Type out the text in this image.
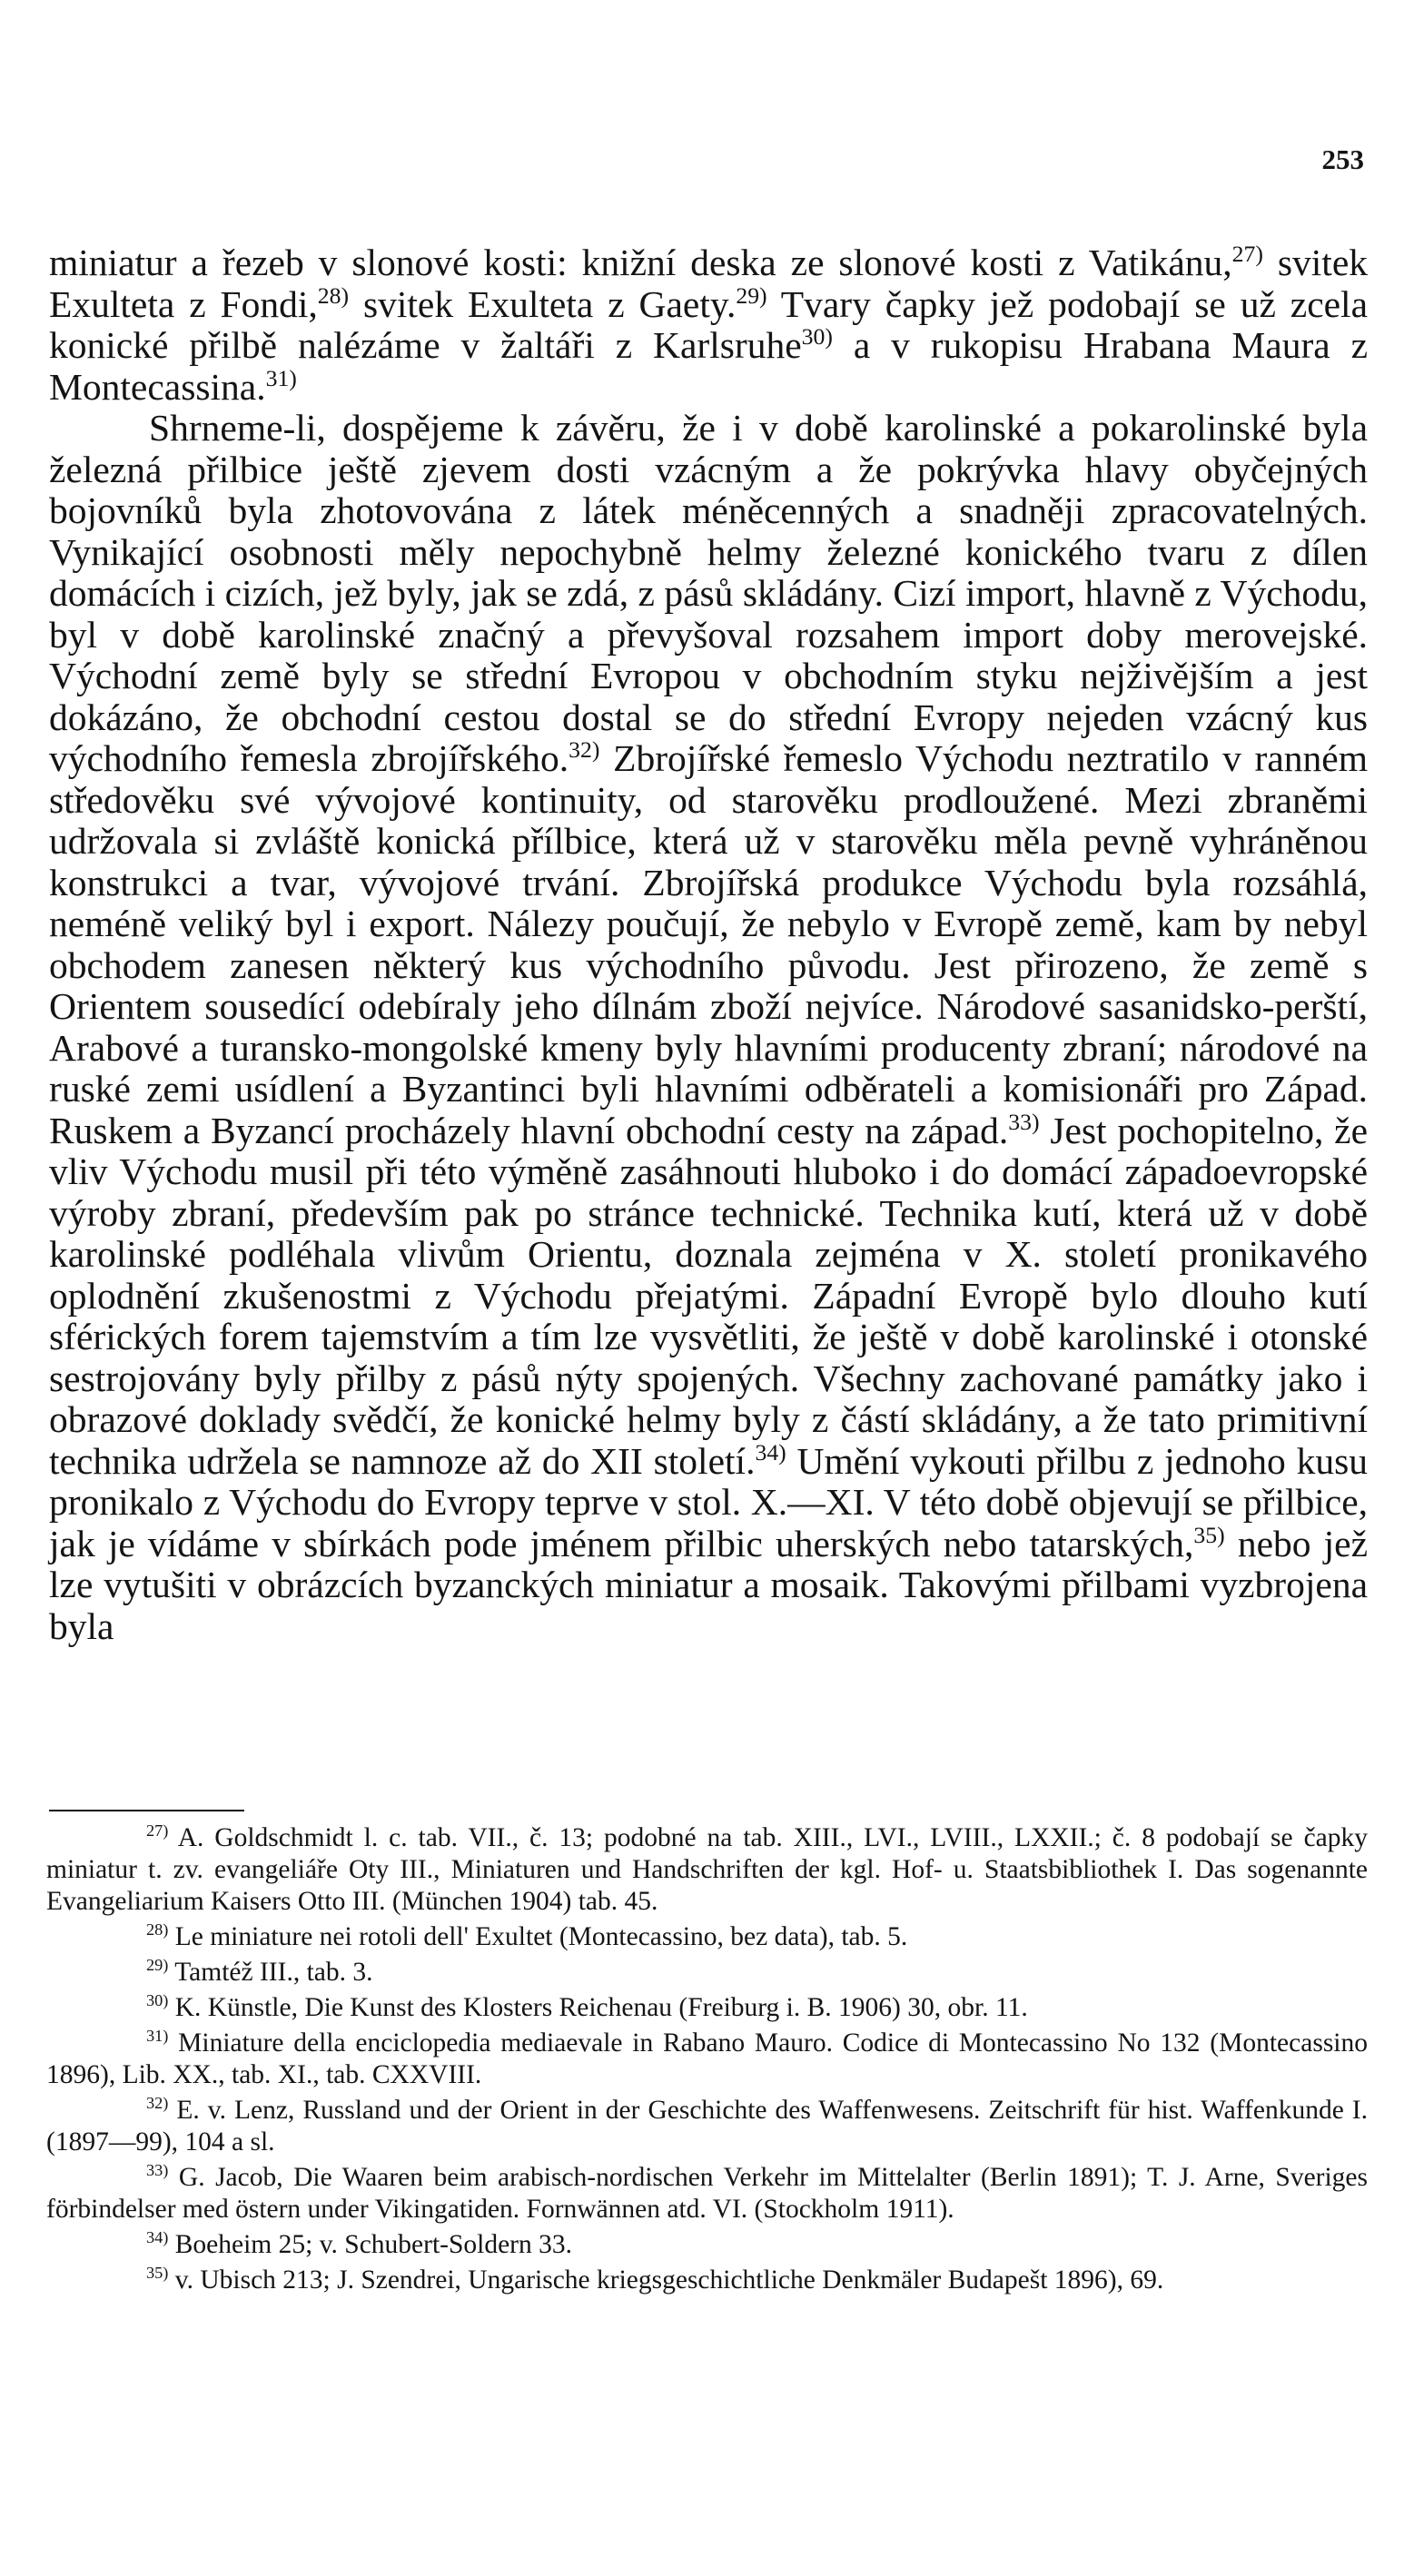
253

miniatur a řezeb v slonové kosti: knižní deska ze slonové kosti z Vatikánu,$^{27)}$ svitek Exulteta z Fondi,$^{28)}$ svitek Exulteta z Gaety.$^{29)}$ Tvary čapky jež podobají se už zcela konické přilbě nalézáme v žaltáři z Karlsruhe$^{30)}$ a v rukopisu Hrabana Maura z Montecassina.$^{31)}$

Shrneme-li, dospějeme k závěru, že i v době karolinské a pokarolinské byla železná přilbice ještě zjevem dosti vzácným a že pokrývka hlavy obyčejných bojovníků byla zhotovována z látek méněcenných a snadněji zpracovatelných. Vynikající osobnosti měly nepochybně helmy železné konického tvaru z dílen domácích i cizích, jež byly, jak se zdá, z pásů skládány. Cizí import, hlavně z Východu, byl v době karolinské značný a převyšoval rozsahem import doby merovejské. Východní země byly se střední Evropou v obchodním styku nejživějším a jest dokázáno, že obchodní cestou dostal se do střední Evropy nejeden vzácný kus východního řemesla zbrojířského.$^{32)}$ Zbrojířské řemeslo Východu neztratilo v ranném středověku své vývojové kontinuity, od starověku prodloužené. Mezi zbraněmi udržovala si zvláště konická přílbice, která už v starověku měla pevně vyhráněnou konstrukci a tvar, vývojové trvání. Zbrojířská produkce Východu byla rozsáhlá, neméně veliký byl i export. Nálezy poučují, že nebylo v Evropě země, kam by nebyl obchodem zanesen některý kus východního původu. Jest přirozeno, že země s Orientem sousedící odebíraly jeho dílnám zboží nejvíce. Národové sasanidsko-perští, Arabové a turansko-mongolské kmeny byly hlavními producenty zbraní; národové na ruské zemi usídlení a Byzantinci byli hlavními odběrateli a komisionáři pro Západ. Ruskem a Byzancí procházely hlavní obchodní cesty na západ.$^{33)}$ Jest pochopitelno, že vliv Východu musil při této výměně zasáhnouti hluboko i do domácí západoevropské výroby zbraní, především pak po stránce technické. Technika kutí, která už v době karolinské podléhala vlivům Orientu, doznala zejména v X. století pronikavého oplodnění zkušenostmi z Východu přejatými. Západní Evropě bylo dlouho kutí sférických forem tajemstvím a tím lze vysvětliti, že ještě v době karolinské i otonské sestrojovány byly přilby z pásů nýty spojených. Všechny zachované památky jako i obrazové doklady svědčí, že konické helmy byly z částí skládány, a že tato primitivní technika udržela se namnoze až do XII století.$^{34)}$ Umění vykouti přilbu z jednoho kusu pronikalo z Východu do Evropy teprve v stol. X.—XI. V této době objevují se přilbice, jak je vídáme v sbírkách pode jménem přilbic uherských nebo tatarských,$^{35)}$ nebo jež lze vytušiti v obrázcích byzanckých miniatur a mosaik. Takovými přilbami vyzbrojena byla

$^{27)}$ A. Goldschmidt l. c. tab. VII., č. 13; podobné na tab. XIII., LVI., LVIII., LXXII.; č. 8 podobají se čapky miniatur t. zv. evangeliáře Oty III., Miniaturen und Handschriften der kgl. Hof- u. Staatsbibliothek I. Das sogenannte Evangeliarium Kaisers Otto III. (München 1904) tab. 45.
$^{28)}$ Le miniature nei rotoli dell' Exultet (Montecassino, bez data), tab. 5.
$^{29)}$ Tamtéž III., tab. 3.
$^{30)}$ K. Künstle, Die Kunst des Klosters Reichenau (Freiburg i. B. 1906) 30, obr. 11.
$^{31)}$ Miniature della enciclopedia mediaevale in Rabano Mauro. Codice di Montecassino No 132 (Montecassino 1896), Lib. XX., tab. XI., tab. CXXVIII.
$^{32)}$ E. v. Lenz, Russland und der Orient in der Geschichte des Waffenwesens. Zeitschrift für hist. Waffenkunde I. (1897—99), 104 a sl.
$^{33)}$ G. Jacob, Die Waaren beim arabisch-nordischen Verkehr im Mittelalter (Berlin 1891); T. J. Arne, Sveriges förbindelser med östern under Vikingatiden. Fornwännen atd. VI. (Stockholm 1911).
$^{34)}$ Boeheim 25; v. Schubert-Soldern 33.
$^{35)}$ v. Ubisch 213; J. Szendrei, Ungarische kriegsgeschichtliche Denkmäler Budapešt 1896), 69.
